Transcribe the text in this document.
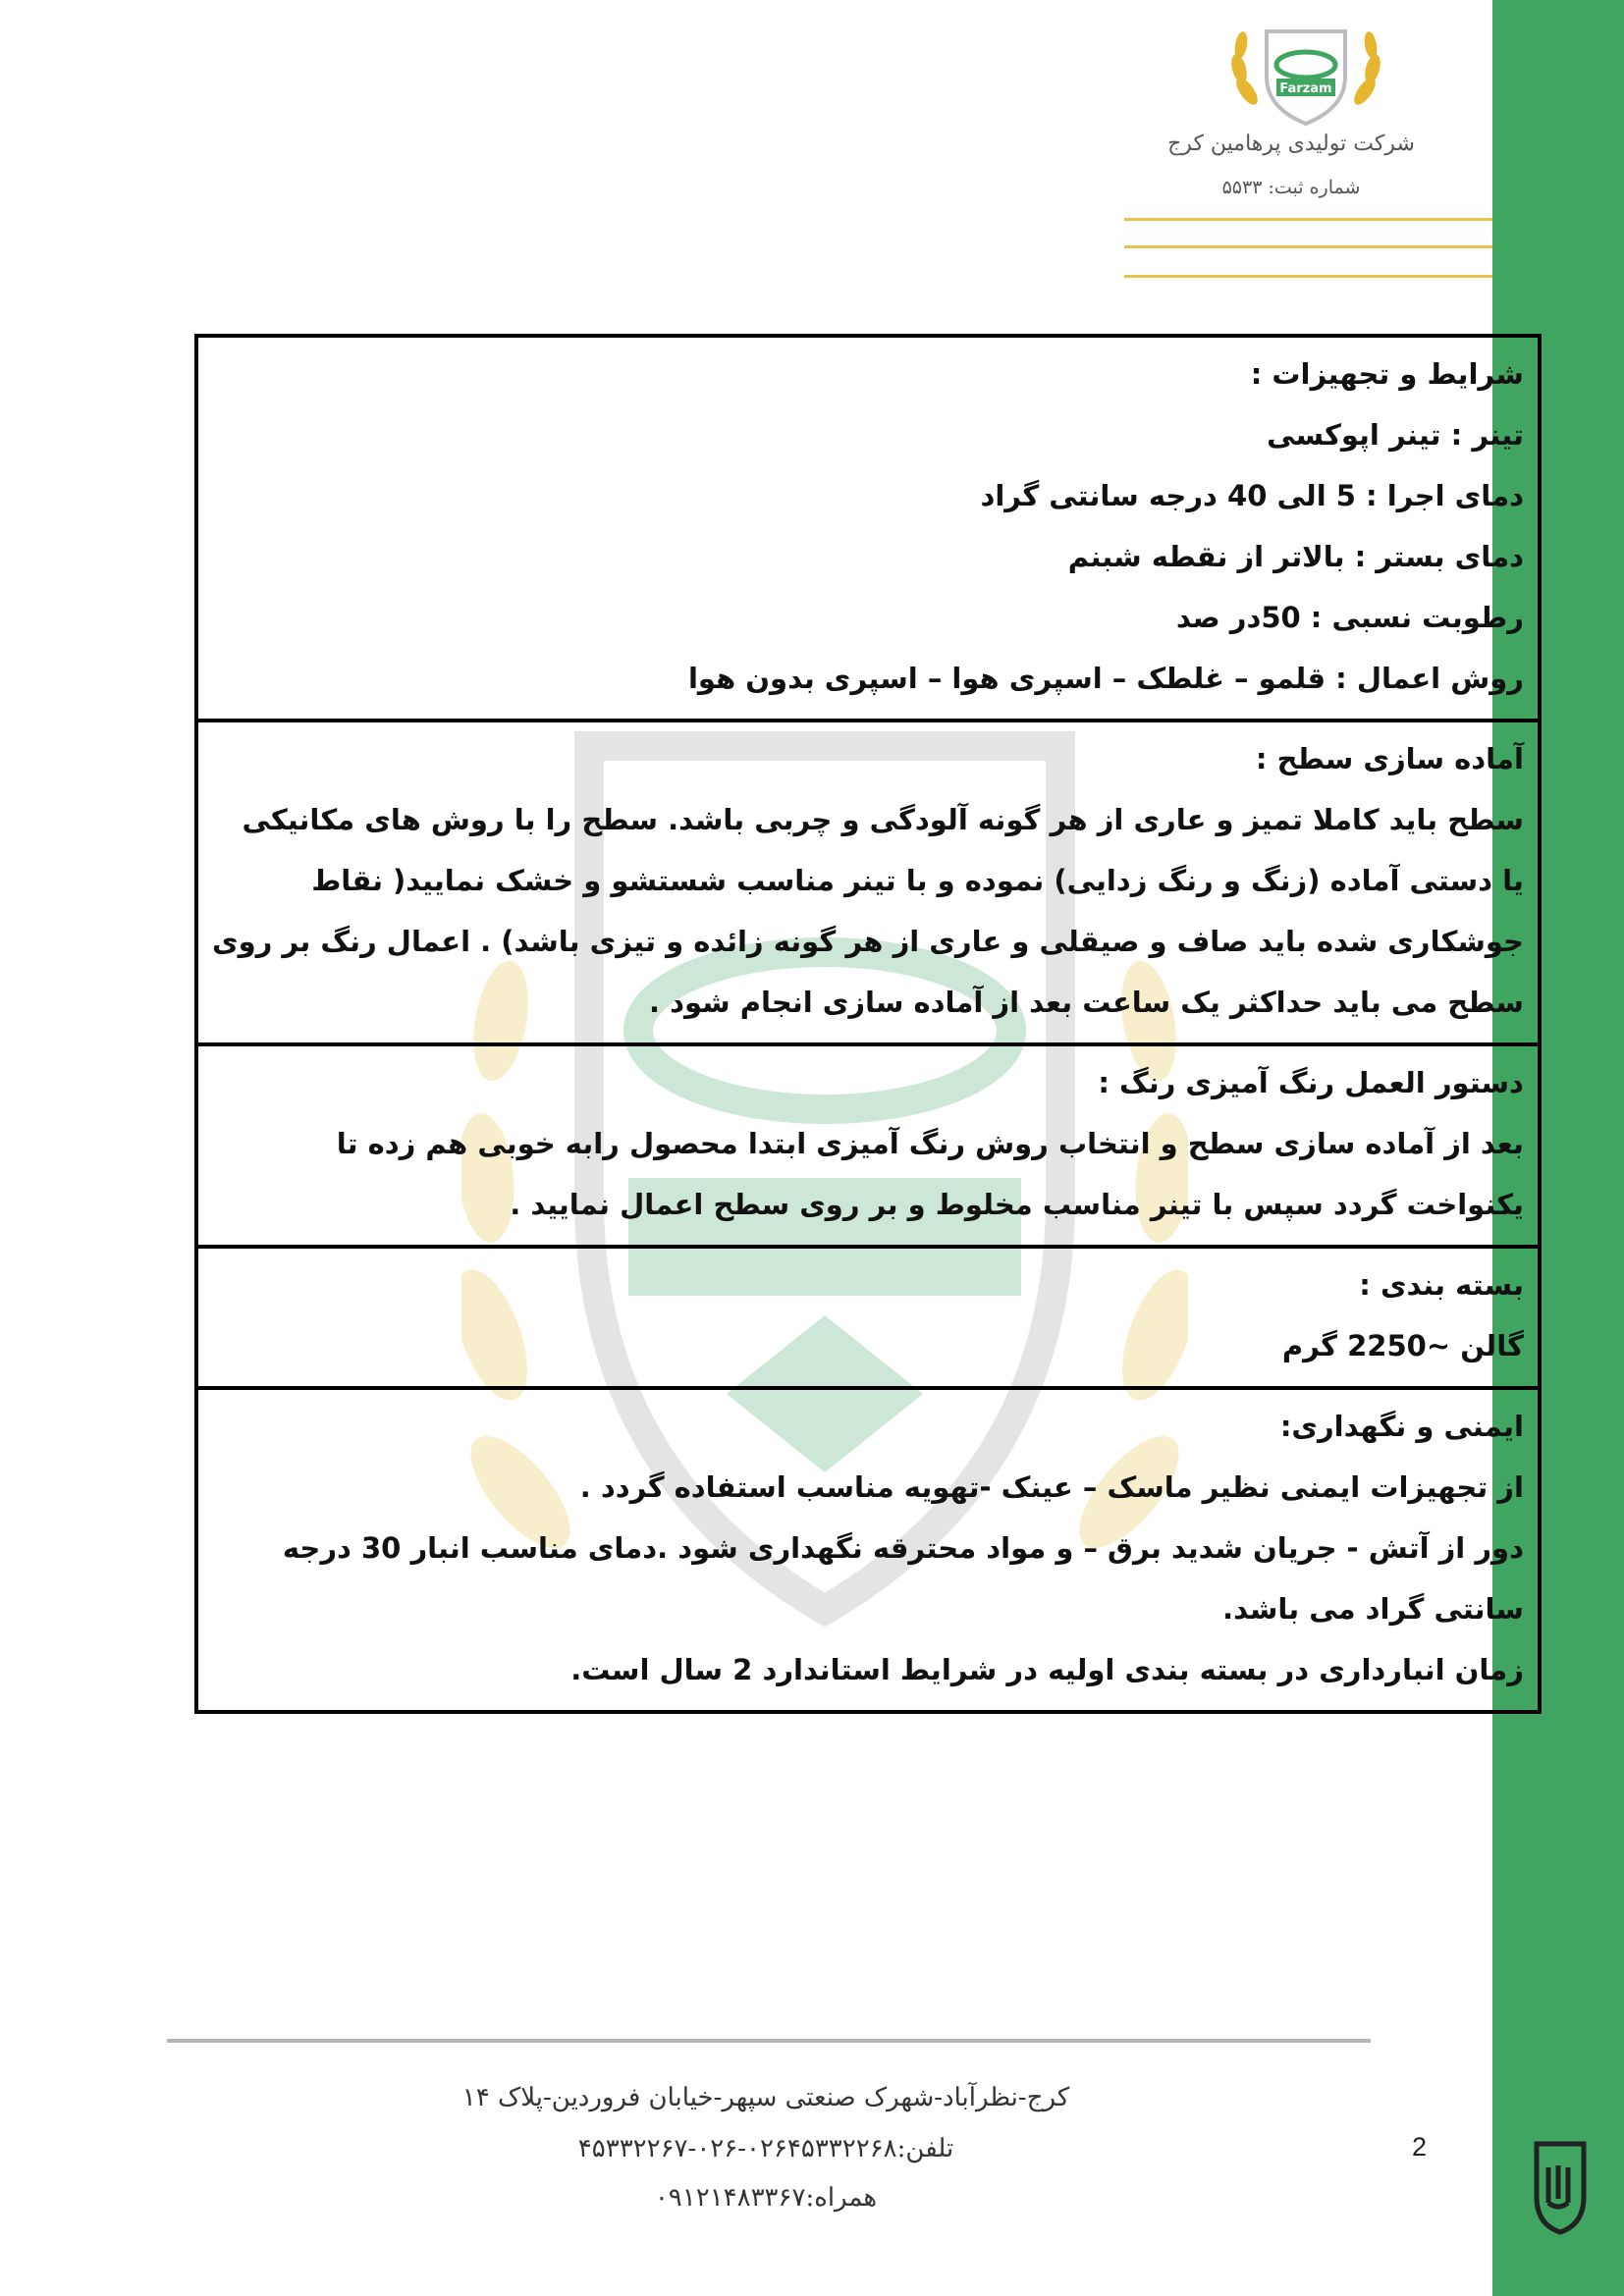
Farzam
شرکت تولیدی پرهامین کرج
شماره ثبت: ۵۵۳۳
شرایط و تجهیزات :
تینر : تینر اپوکسی
دمای اجرا : 5 الی 40 درجه سانتی گراد
دمای بستر : بالاتر از نقطه شبنم
رطوبت نسبی : 50در صد
روش اعمال : قلمو – غلطک – اسپری هوا – اسپری بدون هوا

آماده سازی سطح :
سطح باید کاملا تمیز و عاری از هر گونه آلودگی و چربی باشد. سطح را با روش های مکانیکی
یا دستی آماده (زنگ و رنگ زدایی) نموده و با تینر مناسب شستشو و خشک نمایید( نقاط
جوشکاری شده باید صاف و صیقلی و عاری از هر گونه زائده و تیزی باشد) . اعمال رنگ بر روی
سطح می باید حداکثر یک ساعت بعد از آماده سازی انجام شود .

دستور العمل رنگ آمیزی رنگ :
بعد از آماده سازی سطح و انتخاب روش رنگ آمیزی ابتدا محصول رابه خوبی هم زده تا
یکنواخت گردد سپس با تینر مناسب مخلوط و بر روی سطح اعمال نمایید .

بسته بندی :
گالن ~2250 گرم

ایمنی و نگهداری:
از تجهیزات ایمنی نظیر ماسک – عینک -تهویه مناسب استفاده گردد .
دور از آتش - جریان شدید برق – و مواد محترقه نگهداری شود .دمای مناسب انبار 30 درجه
سانتی گراد می باشد.
زمان انبارداری در بسته بندی اولیه در شرایط استاندارد 2 سال است.
کرج-نظرآباد-شهرک صنعتی سپهر-خیابان فروردین-پلاک ۱۴
تلفن:۰۲۶۴۵۳۳۲۲۶۸-۰۲۶-۴۵۳۳۲۲۶۷
همراه:۰۹۱۲۱۴۸۳۳۶۷
2
